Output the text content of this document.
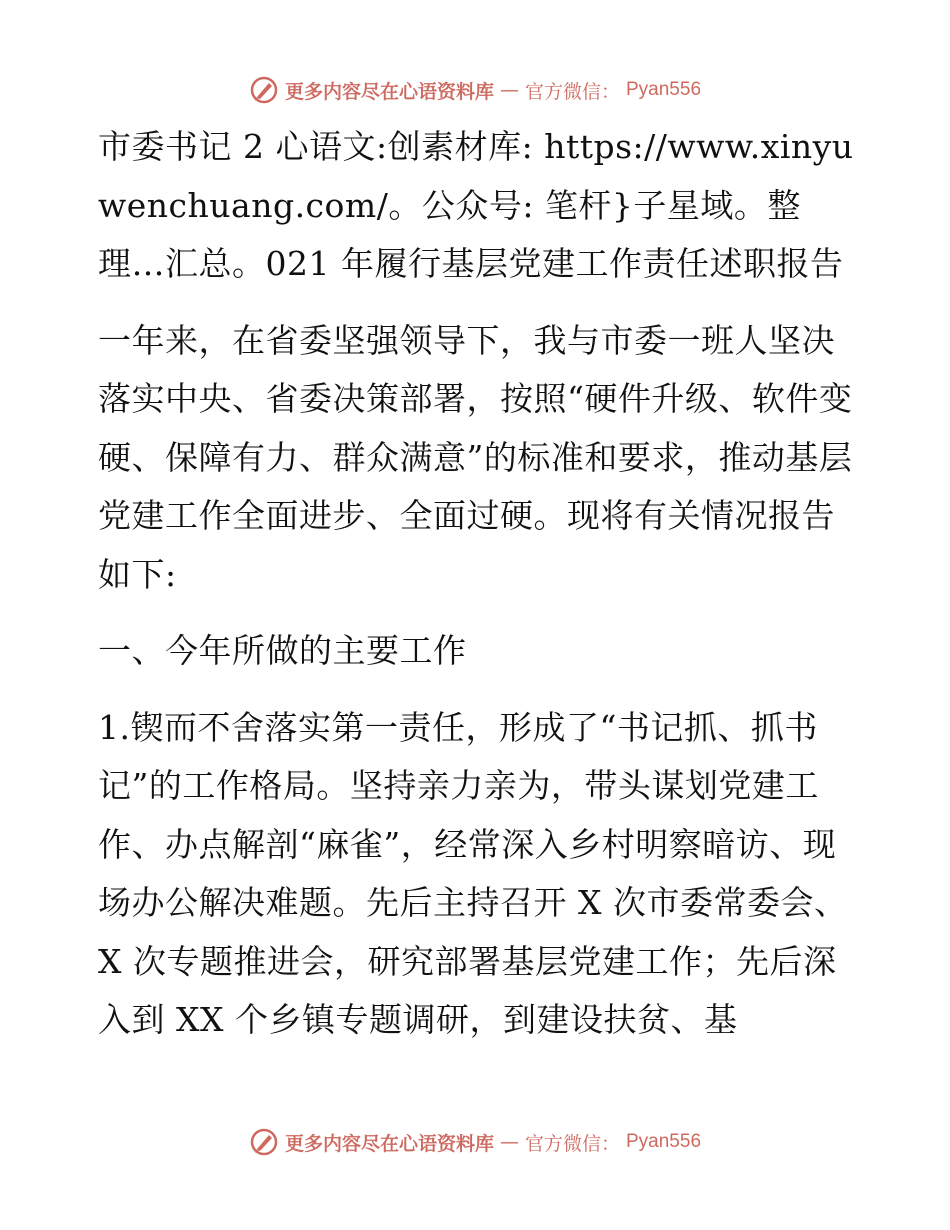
更多内容尽在心语资料库 — 官方微信： Pyan556

市委书记 2 心语文:创素材库: https://www.xinyuwenchuang.com/。公众号: 笔杆}子星域。整理…汇总。021 年履行基层党建工作责任述职报告

一年来，在省委坚强领导下，我与市委一班人坚决落实中央、省委决策部署，按照“硬件升级、软件变硬、保障有力、群众满意”的标准和要求，推动基层党建工作全面进步、全面过硬。现将有关情况报告如下:

一、今年所做的主要工作

1.锲而不舍落实第一责任，形成了“书记抓、抓书记”的工作格局。坚持亲力亲为，带头谋划党建工作、办点解剖“麻雀”，经常深入乡村明察暗访、现场办公解决难题。先后主持召开 X 次市委常委会、X 次专题推进会，研究部署基层党建工作；先后深入到 XX 个乡镇专题调研，到建设扶贫、基

更多内容尽在心语资料库 — 官方微信： Pyan556
